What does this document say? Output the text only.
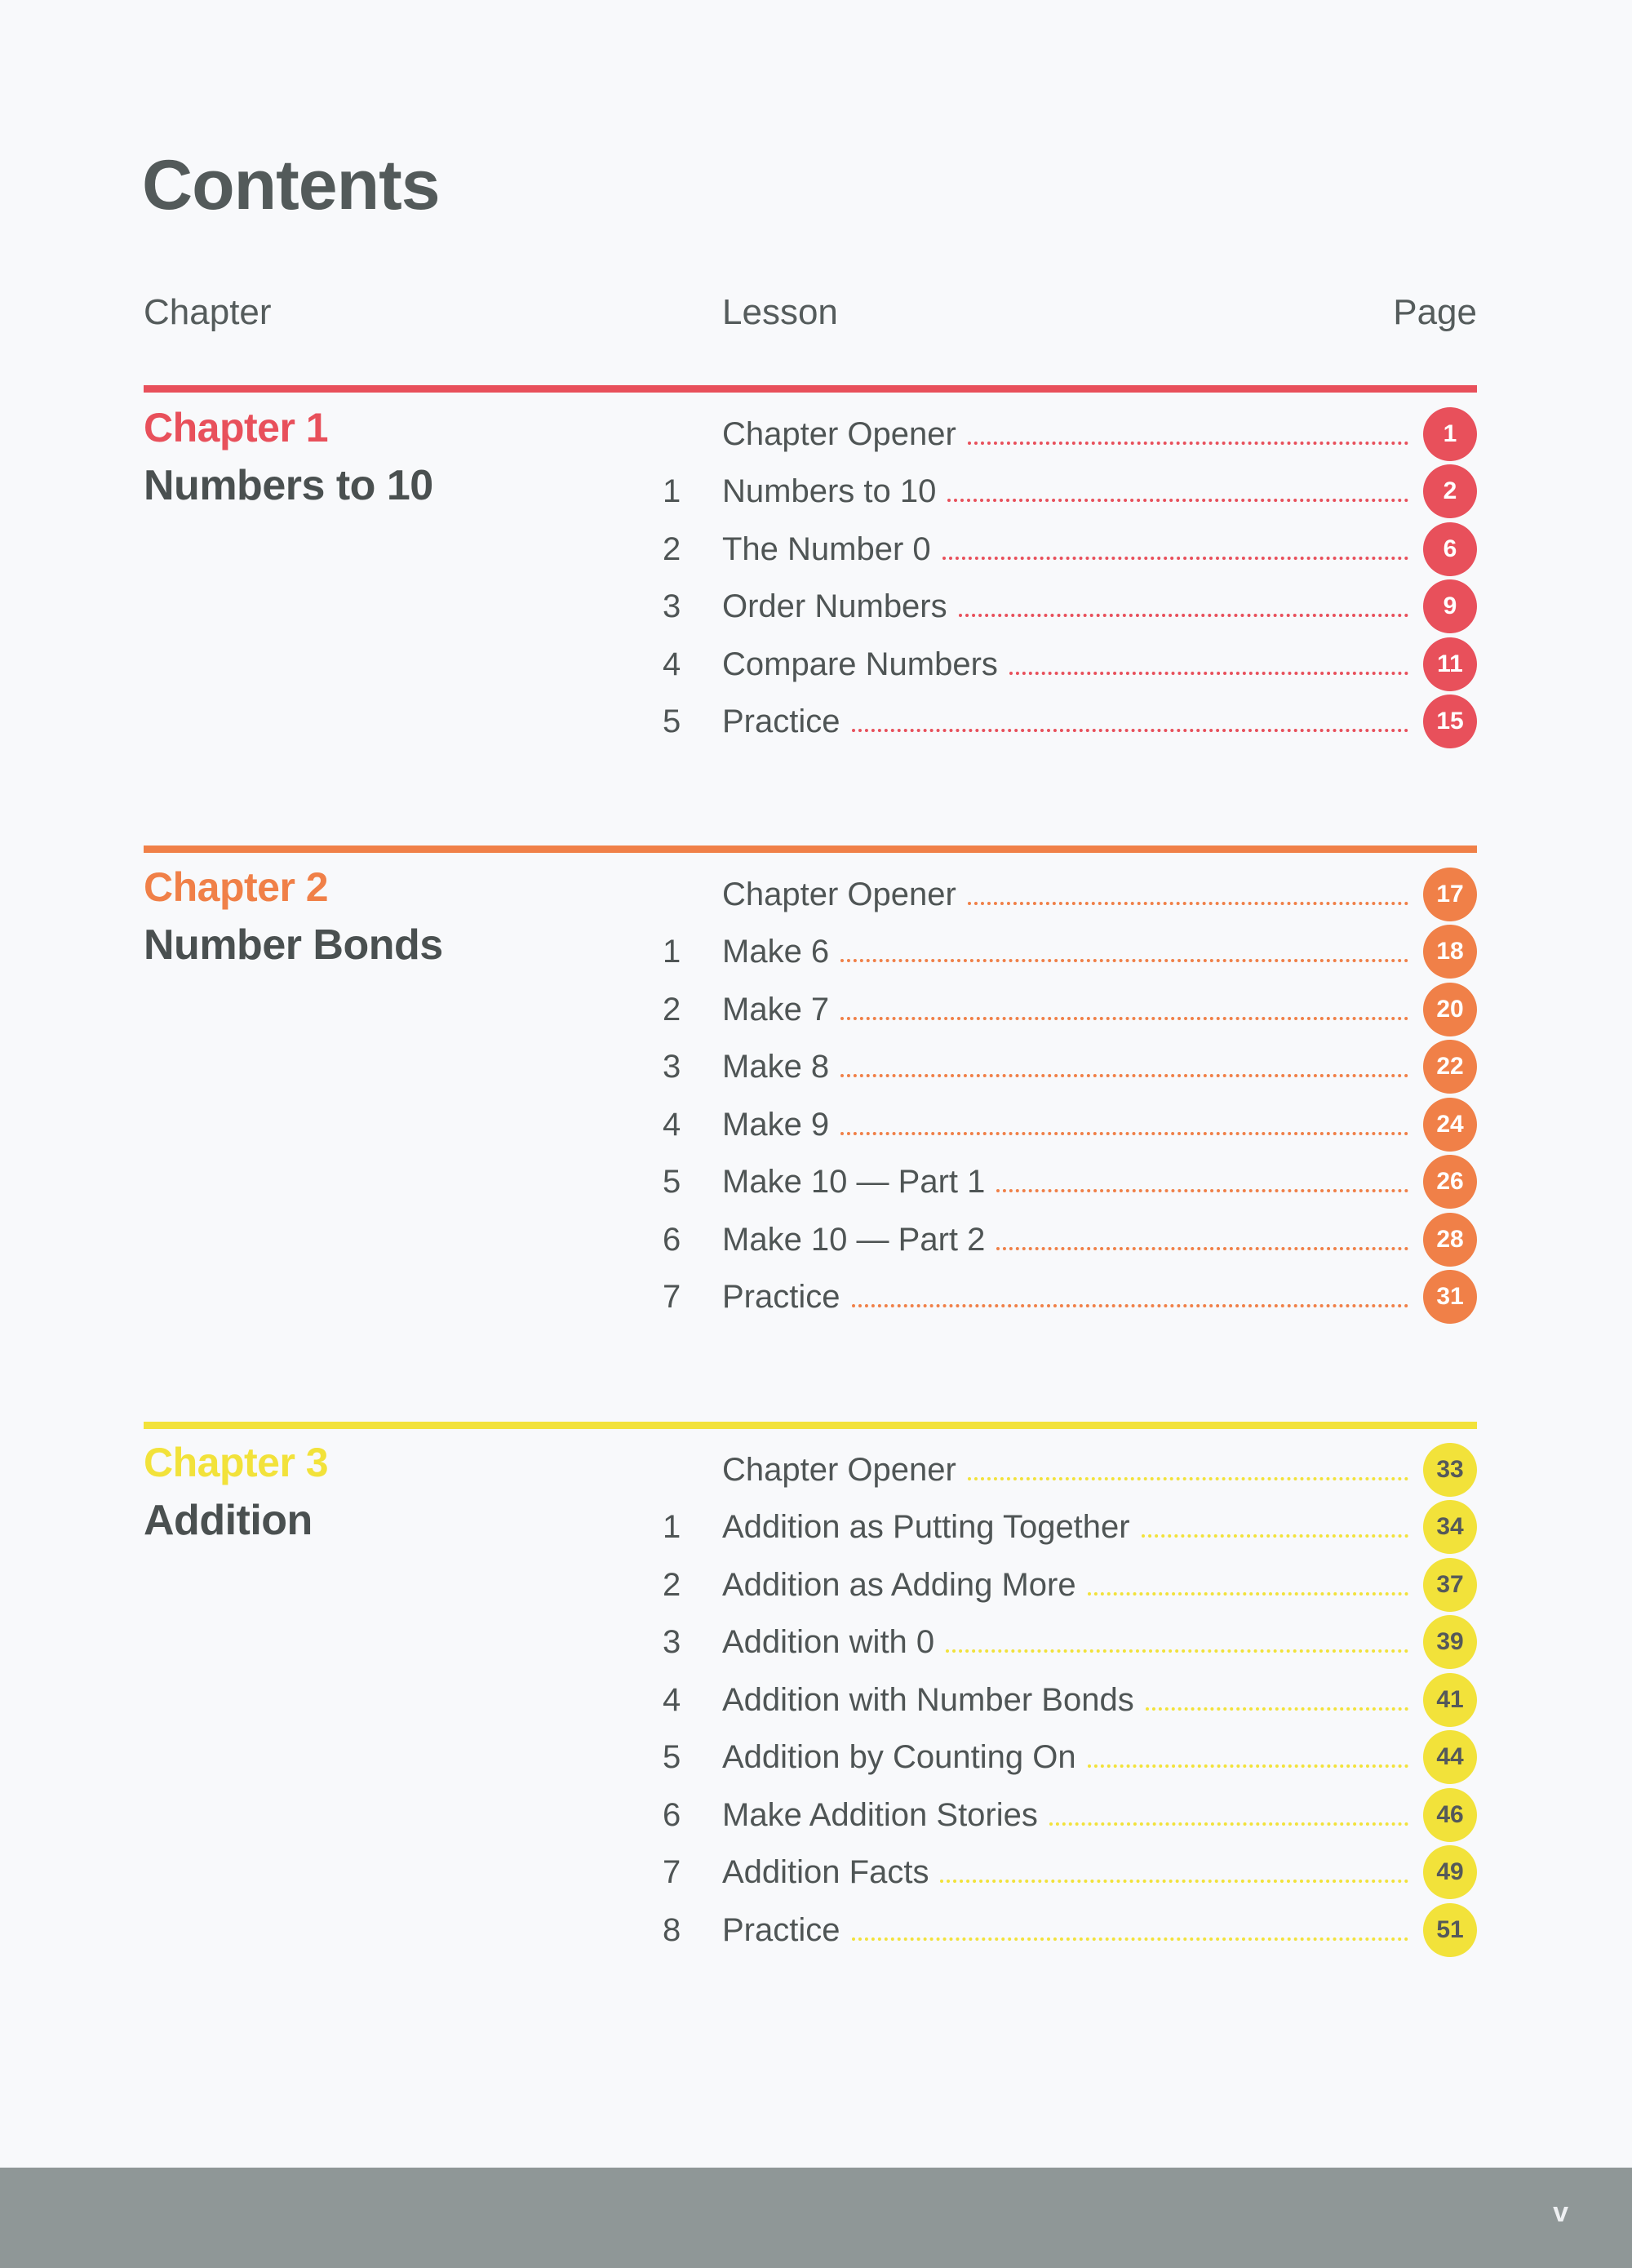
Contents
Chapter	Lesson	Page
Chapter 1
Numbers to 10
Chapter Opener	1
1	Numbers to 10	2
2	The Number 0	6
3	Order Numbers	9
4	Compare Numbers	11
5	Practice	15
Chapter 2
Number Bonds
Chapter Opener	17
1	Make 6	18
2	Make 7	20
3	Make 8	22
4	Make 9	24
5	Make 10 — Part 1	26
6	Make 10 — Part 2	28
7	Practice	31
Chapter 3
Addition
Chapter Opener	33
1	Addition as Putting Together	34
2	Addition as Adding More	37
3	Addition with 0	39
4	Addition with Number Bonds	41
5	Addition by Counting On	44
6	Make Addition Stories	46
7	Addition Facts	49
8	Practice	51
v
